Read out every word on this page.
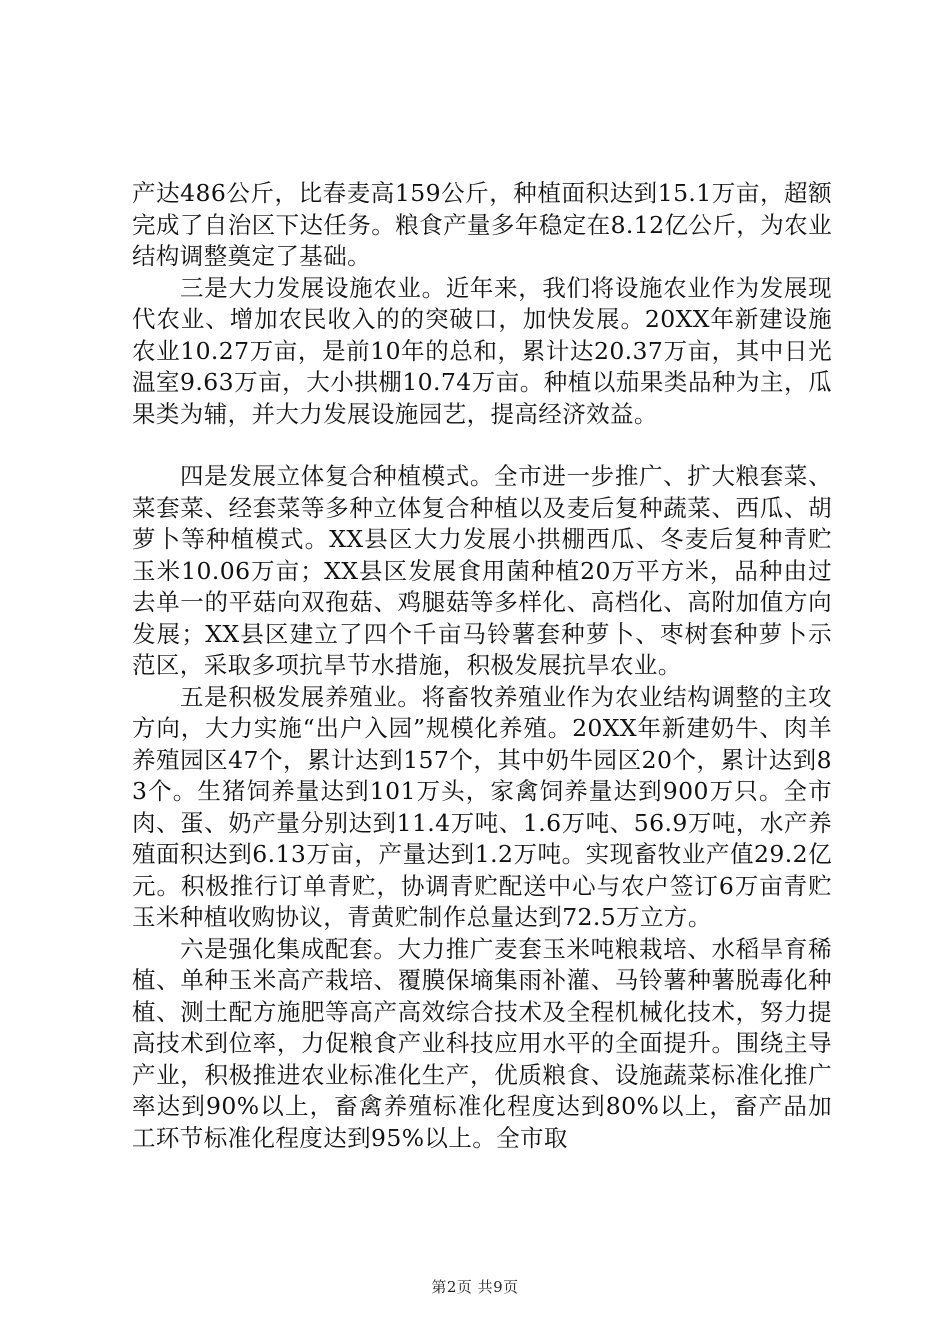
产达486公斤，比春麦高159公斤，种植面积达到15.1万亩，超额完成了自治区下达任务。粮食产量多年稳定在8.12亿公斤，为农业结构调整奠定了基础。

三是大力发展设施农业。近年来，我们将设施农业作为发展现代农业、增加农民收入的的突破口，加快发展。20XX年新建设施农业10.27万亩，是前10年的总和，累计达20.37万亩，其中日光温室9.63万亩，大小拱棚10.74万亩。种植以茄果类品种为主，瓜果类为辅，并大力发展设施园艺，提高经济效益。

四是发展立体复合种植模式。全市进一步推广、扩大粮套菜、菜套菜、经套菜等多种立体复合种植以及麦后复种蔬菜、西瓜、胡萝卜等种植模式。XX县区大力发展小拱棚西瓜、冬麦后复种青贮玉米10.06万亩；XX县区发展食用菌种植20万平方米，品种由过去单一的平菇向双孢菇、鸡腿菇等多样化、高档化、高附加值方向发展；XX县区建立了四个千亩马铃薯套种萝卜、枣树套种萝卜示范区，采取多项抗旱节水措施，积极发展抗旱农业。

五是积极发展养殖业。将畜牧养殖业作为农业结构调整的主攻方向，大力实施“出户入园”规模化养殖。20XX年新建奶牛、肉羊养殖园区47个，累计达到157个，其中奶牛园区20个，累计达到83个。生猪饲养量达到101万头，家禽饲养量达到900万只。全市肉、蛋、奶产量分别达到11.4万吨、1.6万吨、56.9万吨，水产养殖面积达到6.13万亩，产量达到1.2万吨。实现畜牧业产值29.2亿元。积极推行订单青贮，协调青贮配送中心与农户签订6万亩青贮玉米种植收购协议，青黄贮制作总量达到72.5万立方。

六是强化集成配套。大力推广麦套玉米吨粮栽培、水稻旱育稀植、单种玉米高产栽培、覆膜保墒集雨补灌、马铃薯种薯脱毒化种植、测土配方施肥等高产高效综合技术及全程机械化技术，努力提高技术到位率，力促粮食产业科技应用水平的全面提升。围绕主导产业，积极推进农业标准化生产，优质粮食、设施蔬菜标准化推广率达到90%以上，畜禽养殖标准化程度达到80%以上，畜产品加工环节标准化程度达到95%以上。全市取

第2页 共9页
